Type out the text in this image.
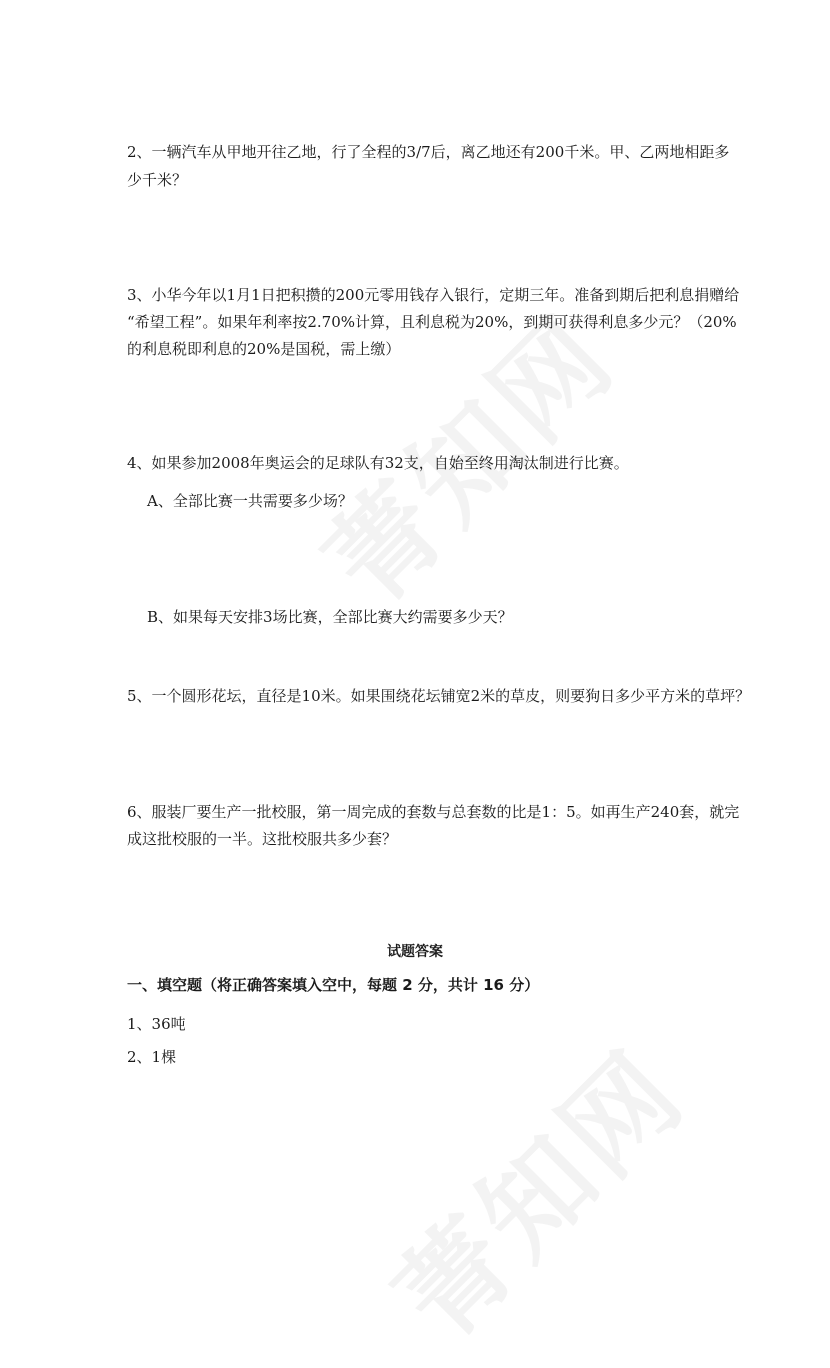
2、一辆汽车从甲地开往乙地，行了全程的3/7后，离乙地还有200千米。甲、乙两地相距多
少千米？
3、小华今年以1月1日把积攒的200元零用钱存入银行，定期三年。准备到期后把利息捐赠给
“希望工程”。如果年利率按2.70%计算，且利息税为20%，到期可获得利息多少元？（20%
的利息税即利息的20%是国税，需上缴）
4、如果参加2008年奥运会的足球队有32支，自始至终用淘汰制进行比赛。
A、全部比赛一共需要多少场？
B、如果每天安排3场比赛，全部比赛大约需要多少天？
5、一个圆形花坛，直径是10米。如果围绕花坛铺宽2米的草皮，则要狗日多少平方米的草坪？
6、服装厂要生产一批校服，第一周完成的套数与总套数的比是1：5。如再生产240套，就完
成这批校服的一半。这批校服共多少套？
试题答案
一、填空题（将正确答案填入空中，每题 2 分，共计 16 分）
1、36吨
2、1棵
